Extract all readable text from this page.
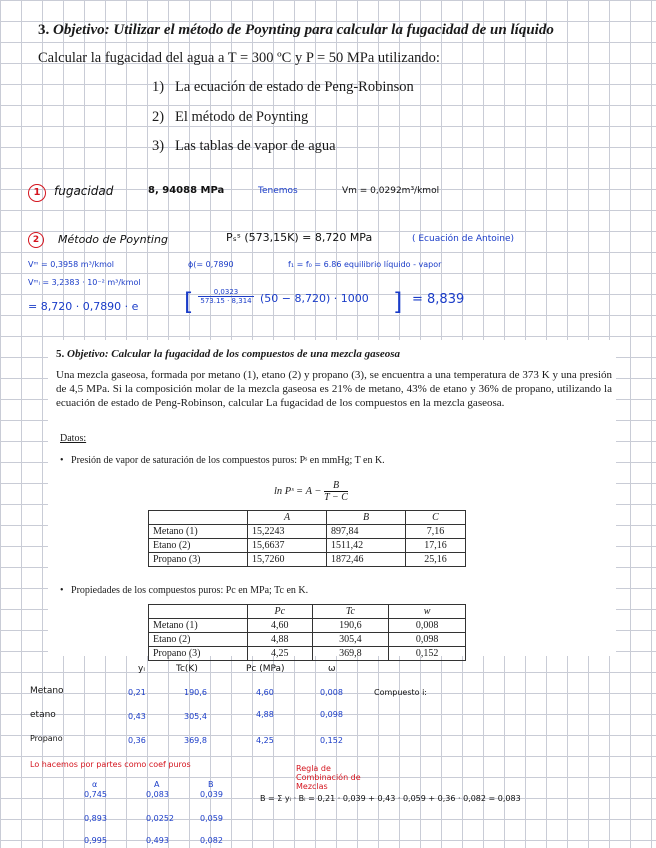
3. Objetivo: Utilizar el método de Poynting para calcular la fugacidad de un líquido
Calcular la fugacidad del agua a T = 300 ºC y P = 50 MPa utilizando:
1) La ecuación de estado de Peng-Robinson
2) El método de Poynting
3) Las tablas de vapor de agua
1	fugacidad	8, 94088 MPa	Tenemos	Vm = 0,0292m³/kmol
2	Método de Poynting	Pₛˢ (573,15K) = 8,720 MPa	( Ecuación de Antoine)
Vᵐ = 0,3958 m³/kmol	ϕ(= 0,7890	f₁ = f₀ = 6.86 equilibrio líquido - vapor
Vᵐₗ = 3,2383 · 10⁻² m³/kmol
= 8,720 · 0,7890 · e [	0,0323
573.15 · 8,314 (50 − 8,720) · 1000 ] = 8,839
5. Objetivo: Calcular la fugacidad de los compuestos de una mezcla gaseosa
Una mezcla gaseosa, formada por metano (1), etano (2) y propano (3), se encuentra a una temperatura de 373 K y una presión de 4,5 MPa. Si la composición molar de la mezcla gaseosa es 21% de metano, 43% de etano y 36% de propano, utilizando la ecuación de estado de Peng-Robinson, calcular La fugacidad de los compuestos en la mezcla gaseosa.
Datos:
•   Presión de vapor de saturación de los compuestos puros: Pˢ en mmHg; T en K.
ln Pˢ = $A - \frac{B}{T - C}$
	A	B	C
Metano (1)	15,2243	897,84	7,16
Etano (2)	15,6637	1511,42	17,16
Propano (3)	15,7260	1872,46	25,16
•   Propiedades de los compuestos puros: Pc en MPa; Tc en K.
	Pc	Tc	w
Metano (1)	4,60	190,6	0,008
Etano (2)	4,88	305,4	0,098
Propano (3)	4,25	369,8	0,152
yᵢ	Tc(K)	Pc (MPa)	ω
Metano	0,21	190,6	4,60	0,008	Compuesto i:
etano	0,43	305,4	4,88	0,098
Propano	0,36	369,8	4,25	0,152
Lo hacemos por partes como coef puros	Regla de Combinación de Mezclas
α	A	B
0,745	0,083	0,039
0,893	0,0252	0,059
0,995	0,493	0,082
B = Σ yᵢ · Bᵢ = 0,21 · 0,039 + 0,43 · 0,059 + 0,36 · 0,082 = 0,083
